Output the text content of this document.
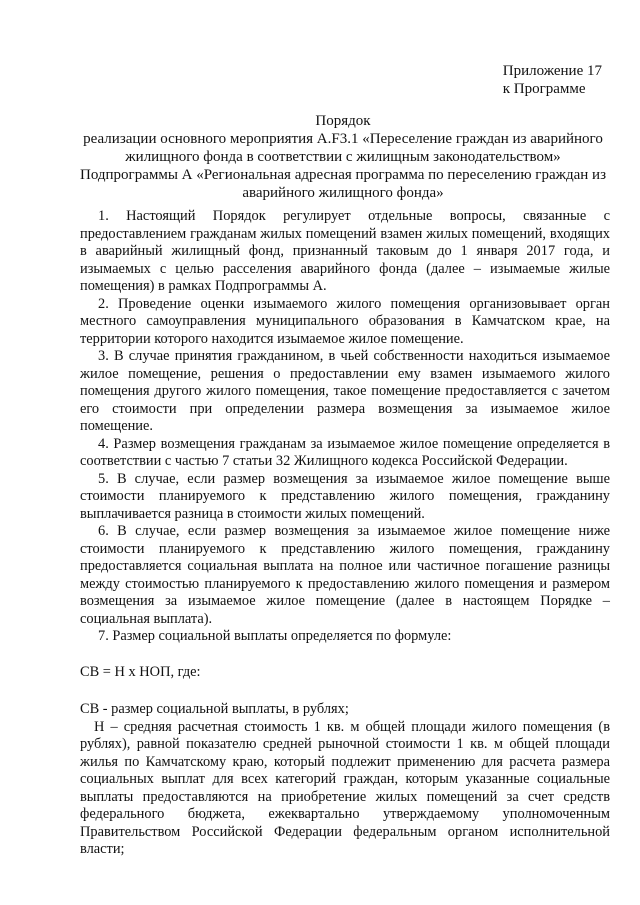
Приложение 17
к Программе
Порядок
реализации основного мероприятия А.F3.1 «Переселение граждан из аварийного жилищного фонда в соответствии с жилищным законодательством» Подпрограммы А «Региональная адресная программа по переселению граждан из аварийного жилищного фонда»

1. Настоящий Порядок регулирует отдельные вопросы, связанные с предоставлением гражданам жилых помещений взамен жилых помещений, входящих в аварийный жилищный фонд, признанный таковым до 1 января 2017 года, и изымаемых с целью расселения аварийного фонда (далее – изымаемые жилые помещения) в рамках Подпрограммы А.

2. Проведение оценки изымаемого жилого помещения организовывает орган местного самоуправления муниципального образования в Камчатском крае, на территории которого находится изымаемое жилое помещение.

3. В случае принятия гражданином, в чьей собственности находиться изымаемое жилое помещение, решения о предоставлении ему взамен изымаемого жилого помещения другого жилого помещения, такое помещение предоставляется с зачетом его стоимости при определении размера возмещения за изымаемое жилое помещение.

4. Размер возмещения гражданам за изымаемое жилое помещение определяется в соответствии с частью 7 статьи 32 Жилищного кодекса Российской Федерации.

5. В случае, если размер возмещения за изымаемое жилое помещение выше стоимости планируемого к представлению жилого помещения, гражданину выплачивается разница в стоимости жилых помещений.

6. В случае, если размер возмещения за изымаемое жилое помещение ниже стоимости планируемого к представлению жилого помещения, гражданину предоставляется социальная выплата на полное или частичное погашение разницы между стоимостью планируемого к предоставлению жилого помещения и размером возмещения за изымаемое жилое помещение (далее в настоящем Порядке – социальная выплата).

7. Размер социальной выплаты определяется по формуле:

СВ = Н х НОП, где:

СВ - размер социальной выплаты, в рублях;

Н – средняя расчетная стоимость 1 кв. м общей площади жилого помещения (в рублях), равной показателю средней рыночной стоимости 1 кв. м общей площади жилья по Камчатскому краю, который подлежит применению для расчета размера социальных выплат для всех категорий граждан, которым указанные социальные выплаты предоставляются на приобретение жилых помещений за счет средств федерального бюджета, ежеквартально утверждаемому уполномоченным Правительством Российской Федерации федеральным органом исполнительной власти;
